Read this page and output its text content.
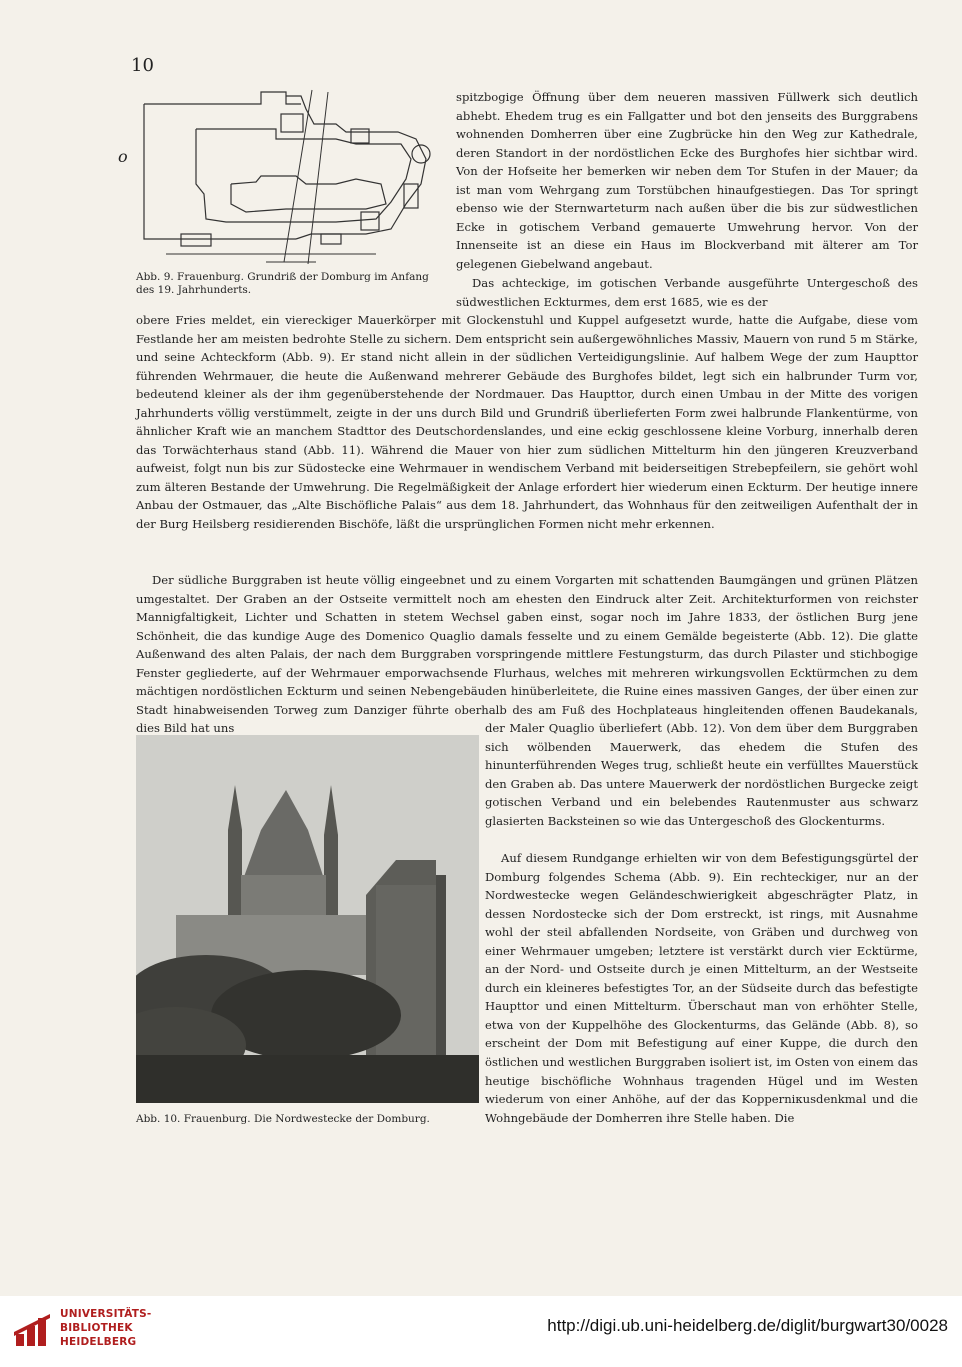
10
o

spitzbogige Öffnung über dem neueren massiven Füllwerk sich deutlich abhebt. Ehedem trug es ein Fallgatter und bot den jenseits des Burggrabens wohnenden Domherren über eine Zugbrücke hin den Weg zur Kathedrale, deren Standort in der nordöstlichen Ecke des Burghofes hier sichtbar wird. Von der Hofseite her bemerken wir neben dem Tor Stufen in der Mauer; da ist man vom Wehrgang zum Torstübchen hinaufgestiegen. Das Tor springt ebenso wie der Sternwarteturm nach außen über die bis zur südwestlichen Ecke in gotischem Verband gemauerte Umwehrung hervor. Von der Innenseite ist an diese ein Haus im Blockverband mit älterer am Tor gelegenen Giebelwand angebaut.

Das achteckige, im gotischen Verbande ausgeführte Untergeschoß des südwestlichen Eckturmes, dem erst 1685, wie es der

Abb. 9. Frauenburg. Grundriß der Domburg im Anfang des 19. Jahrhunderts.

obere Fries meldet, ein viereckiger Mauerkörper mit Glockenstuhl und Kuppel aufgesetzt wurde, hatte die Aufgabe, diese vom Festlande her am meisten bedrohte Stelle zu sichern. Dem entspricht sein außergewöhnliches Massiv, Mauern von rund 5 m Stärke, und seine Achteckform (Abb. 9). Er stand nicht allein in der südlichen Verteidigungslinie. Auf halbem Wege der zum Haupttor führenden Wehrmauer, die heute die Außenwand mehrerer Gebäude des Burghofes bildet, legt sich ein halbrunder Turm vor, bedeutend kleiner als der ihm gegenüberstehende der Nordmauer. Das Haupttor, durch einen Umbau in der Mitte des vorigen Jahrhunderts völlig verstümmelt, zeigte in der uns durch Bild und Grundriß überlieferten Form zwei halbrunde Flankentürme, von ähnlicher Kraft wie an manchem Stadttor des Deutschordenslandes, und eine eckig geschlossene kleine Vorburg, innerhalb deren das Torwächterhaus stand (Abb. 11). Während die Mauer von hier zum südlichen Mittelturm hin den jüngeren Kreuzverband aufweist, folgt nun bis zur Südostecke eine Wehrmauer in wendischem Verband mit beiderseitigen Strebepfeilern, sie gehört wohl zum älteren Bestande der Umwehrung. Die Regelmäßigkeit der Anlage erfordert hier wiederum einen Eckturm. Der heutige innere Anbau der Ostmauer, das „Alte Bischöfliche Palais“ aus dem 18. Jahrhundert, das Wohnhaus für den zeitweiligen Aufenthalt der in der Burg Heilsberg residierenden Bischöfe, läßt die ursprünglichen Formen nicht mehr erkennen.

Der südliche Burggraben ist heute völlig eingeebnet und zu einem Vorgarten mit schattenden Baumgängen und grünen Plätzen umgestaltet. Der Graben an der Ostseite vermittelt noch am ehesten den Eindruck alter Zeit. Architekturformen von reichster Mannigfaltigkeit, Lichter und Schatten in stetem Wechsel gaben einst, sogar noch im Jahre 1833, der östlichen Burg jene Schönheit, die das kundige Auge des Domenico Quaglio damals fesselte und zu einem Gemälde begeisterte (Abb. 12). Die glatte Außenwand des alten Palais, der nach dem Burggraben vorspringende mittlere Festungsturm, das durch Pilaster und stichbogige Fenster gegliederte, auf der Wehrmauer emporwachsende Flurhaus, welches mit mehreren wirkungsvollen Ecktürmchen zu dem mächtigen nordöstlichen Eckturm und seinen Nebengebäuden hinüberleitete, die Ruine eines massiven Ganges, der über einen zur Stadt hinabweisenden Torweg zum Danziger führte oberhalb des am Fuß des Hochplateaus hingleitenden offenen Baudekanals, dies Bild hat uns

Abb. 10. Frauenburg. Die Nordwestecke der Domburg.

der Maler Quaglio überliefert (Abb. 12). Von dem über dem Burggraben sich wölbenden Mauerwerk, das ehedem die Stufen des hinunterführenden Weges trug, schließt heute ein verfülltes Mauerstück den Graben ab. Das untere Mauerwerk der nordöstlichen Burgecke zeigt gotischen Verband und ein belebendes Rautenmuster aus schwarz glasierten Backsteinen so wie das Untergeschoß des Glockenturms.

Auf diesem Rundgange erhielten wir von dem Befestigungsgürtel der Domburg folgendes Schema (Abb. 9). Ein rechteckiger, nur an der Nordwestecke wegen Geländeschwierigkeit abgeschrägter Platz, in dessen Nordostecke sich der Dom erstreckt, ist rings, mit Ausnahme wohl der steil abfallenden Nordseite, von Gräben und durchweg von einer Wehrmauer umgeben; letztere ist verstärkt durch vier Ecktürme, an der Nord- und Ostseite durch je einen Mittelturm, an der Westseite durch ein kleineres befestigtes Tor, an der Südseite durch das befestigte Haupttor und einen Mittelturm. Überschaut man von erhöhter Stelle, etwa von der Kuppelhöhe des Glockenturms, das Gelände (Abb. 8), so erscheint der Dom mit Befestigung auf einer Kuppe, die durch den östlichen und westlichen Burggraben isoliert ist, im Osten von einem das heutige bischöfliche Wohnhaus tragenden Hügel und im Westen wiederum von einer Anhöhe, auf der das Kopperniкusdenkmal und die Wohngebäude der Domherren ihre Stelle haben. Die

UNIVERSITÄTS-
BIBLIOTHEK
HEIDELBERG
http://digi.ub.uni-heidelberg.de/diglit/burgwart30/0028
